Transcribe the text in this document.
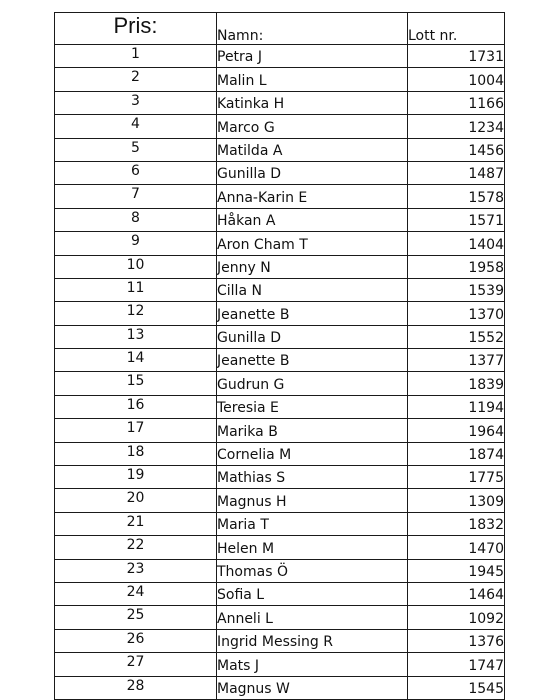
Pris:	Namn:	Lott nr.
1	Petra J	1731
2	Malin L	1004
3	Katinka H	1166
4	Marco G	1234
5	Matilda A	1456
6	Gunilla D	1487
7	Anna-Karin E	1578
8	Håkan A	1571
9	Aron Cham T	1404
10	Jenny N	1958
11	Cilla N	1539
12	Jeanette B	1370
13	Gunilla D	1552
14	Jeanette B	1377
15	Gudrun G	1839
16	Teresia E	1194
17	Marika B	1964
18	Cornelia M	1874
19	Mathias S	1775
20	Magnus H	1309
21	Maria T	1832
22	Helen M	1470
23	Thomas Ö	1945
24	Sofia L	1464
25	Anneli L	1092
26	Ingrid Messing R	1376
27	Mats J	1747
28	Magnus W	1545
